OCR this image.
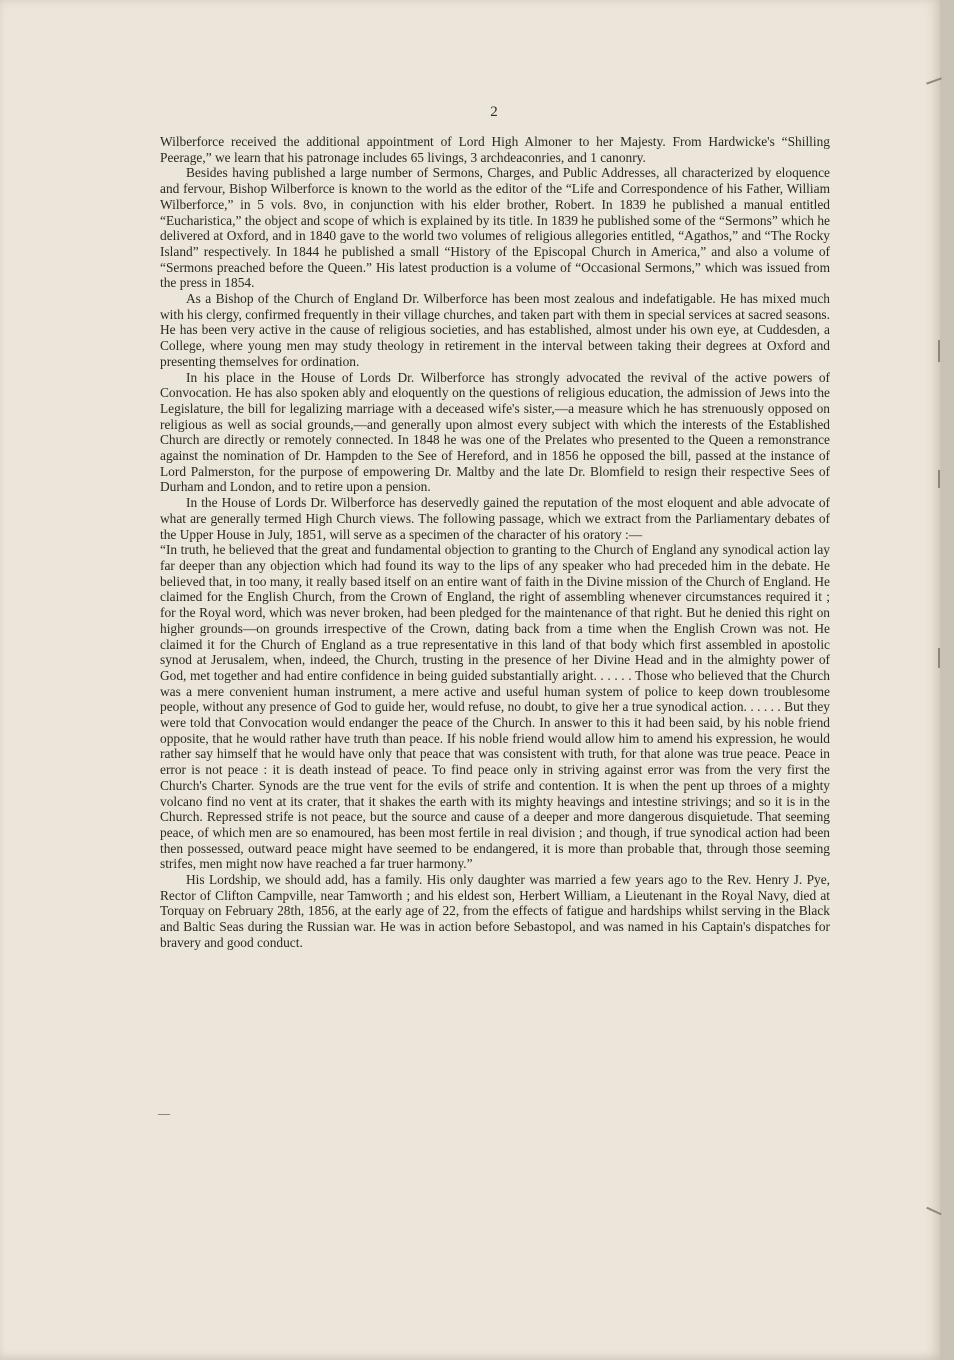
2

Wilberforce received the additional appointment of Lord High Almoner to her Majesty. From Hardwicke's “Shilling Peerage,” we learn that his patronage includes 65 livings, 3 archdeaconries, and 1 canonry.

Besides having published a large number of Sermons, Charges, and Public Addresses, all characterized by eloquence and fervour, Bishop Wilberforce is known to the world as the editor of the “Life and Correspondence of his Father, William Wilberforce,” in 5 vols. 8vo, in conjunction with his elder brother, Robert. In 1839 he published a manual entitled “Eucharistica,” the object and scope of which is explained by its title. In 1839 he published some of the “Sermons” which he delivered at Oxford, and in 1840 gave to the world two volumes of religious allegories entitled, “Agathos,” and “The Rocky Island” respectively. In 1844 he published a small “History of the Episcopal Church in America,” and also a volume of “Sermons preached before the Queen.” His latest production is a volume of “Occasional Sermons,” which was issued from the press in 1854.

As a Bishop of the Church of England Dr. Wilberforce has been most zealous and indefatigable. He has mixed much with his clergy, confirmed frequently in their village churches, and taken part with them in special services at sacred seasons. He has been very active in the cause of religious societies, and has established, almost under his own eye, at Cuddesden, a College, where young men may study theology in retirement in the interval between taking their degrees at Oxford and presenting themselves for ordination.

In his place in the House of Lords Dr. Wilberforce has strongly advocated the revival of the active powers of Convocation. He has also spoken ably and eloquently on the questions of religious education, the admission of Jews into the Legislature, the bill for legalizing marriage with a deceased wife's sister,—a measure which he has strenuously opposed on religious as well as social grounds,—and generally upon almost every subject with which the interests of the Established Church are directly or remotely connected. In 1848 he was one of the Prelates who presented to the Queen a remonstrance against the nomination of Dr. Hampden to the See of Hereford, and in 1856 he opposed the bill, passed at the instance of Lord Palmerston, for the purpose of empowering Dr. Maltby and the late Dr. Blomfield to resign their respective Sees of Durham and London, and to retire upon a pension.

In the House of Lords Dr. Wilberforce has deservedly gained the reputation of the most eloquent and able advocate of what are generally termed High Church views. The following passage, which we extract from the Parliamentary debates of the Upper House in July, 1851, will serve as a specimen of the character of his oratory :—

“In truth, he believed that the great and fundamental objection to granting to the Church of England any synodical action lay far deeper than any objection which had found its way to the lips of any speaker who had preceded him in the debate. He believed that, in too many, it really based itself on an entire want of faith in the Divine mission of the Church of England. He claimed for the English Church, from the Crown of England, the right of assembling whenever circumstances required it ; for the Royal word, which was never broken, had been pledged for the maintenance of that right. But he denied this right on higher grounds—on grounds irrespective of the Crown, dating back from a time when the English Crown was not. He claimed it for the Church of England as a true representative in this land of that body which first assembled in apostolic synod at Jerusalem, when, indeed, the Church, trusting in the presence of her Divine Head and in the almighty power of God, met together and had entire confidence in being guided substantially aright. . . . . . Those who believed that the Church was a mere convenient human instrument, a mere active and useful human system of police to keep down troublesome people, without any presence of God to guide her, would refuse, no doubt, to give her a true synodical action. . . . . . But they were told that Convocation would endanger the peace of the Church. In answer to this it had been said, by his noble friend opposite, that he would rather have truth than peace. If his noble friend would allow him to amend his expression, he would rather say himself that he would have only that peace that was consistent with truth, for that alone was true peace. Peace in error is not peace : it is death instead of peace. To find peace only in striving against error was from the very first the Church's Charter. Synods are the true vent for the evils of strife and contention. It is when the pent up throes of a mighty volcano find no vent at its crater, that it shakes the earth with its mighty heavings and intestine strivings; and so it is in the Church. Repressed strife is not peace, but the source and cause of a deeper and more dangerous disquietude. That seeming peace, of which men are so enamoured, has been most fertile in real division ; and though, if true synodical action had been then possessed, outward peace might have seemed to be endangered, it is more than probable that, through those seeming strifes, men might now have reached a far truer harmony.”

His Lordship, we should add, has a family. His only daughter was married a few years ago to the Rev. Henry J. Pye, Rector of Clifton Campville, near Tamworth ; and his eldest son, Herbert William, a Lieutenant in the Royal Navy, died at Torquay on February 28th, 1856, at the early age of 22, from the effects of fatigue and hardships whilst serving in the Black and Baltic Seas during the Russian war. He was in action before Sebastopol, and was named in his Captain's dispatches for bravery and good conduct.
